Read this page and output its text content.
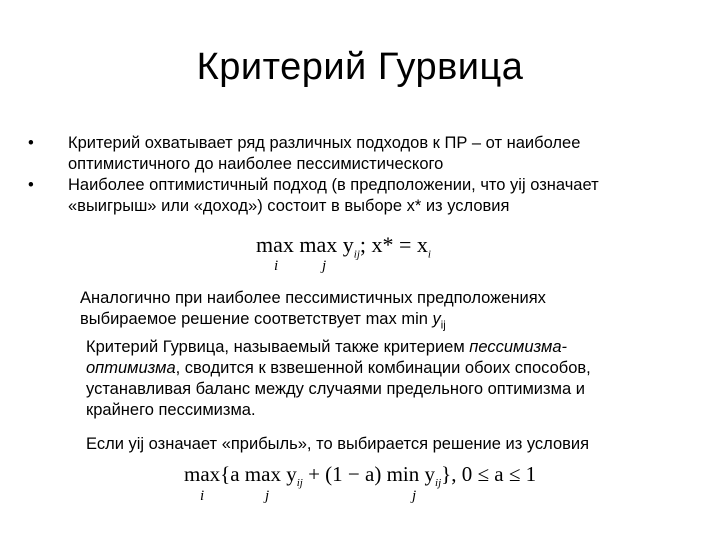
Критерий Гурвица
• Критерий охватывает ряд различных подходов к ПР – от наиболее оптимистичного до наиболее пессимистического
• Наиболее оптимистичный подход (в предположении, что yij означает «выигрыш» или «доход») состоит в выборе x* из условия
$\max \max y_{ij}$; $x* = x_i$
i	j
Аналогично при наиболее пессимистичных предположениях
выбираемое решение соответствует $\max \min y_{ij}$
Критерий Гурвица, называемый также критерием пессимизма-оптимизма, сводится к взвешенной комбинации обоих способов, устанавливая баланс между случаями предельного оптимизма и крайнего пессимизма.
Если yij означает «прибыль», то выбирается решение из условия
max{a $\max y_{ij} + (1 - a)$ $\min y_{ij}$}, 0 ≤ a ≤ 1
i	j	j
